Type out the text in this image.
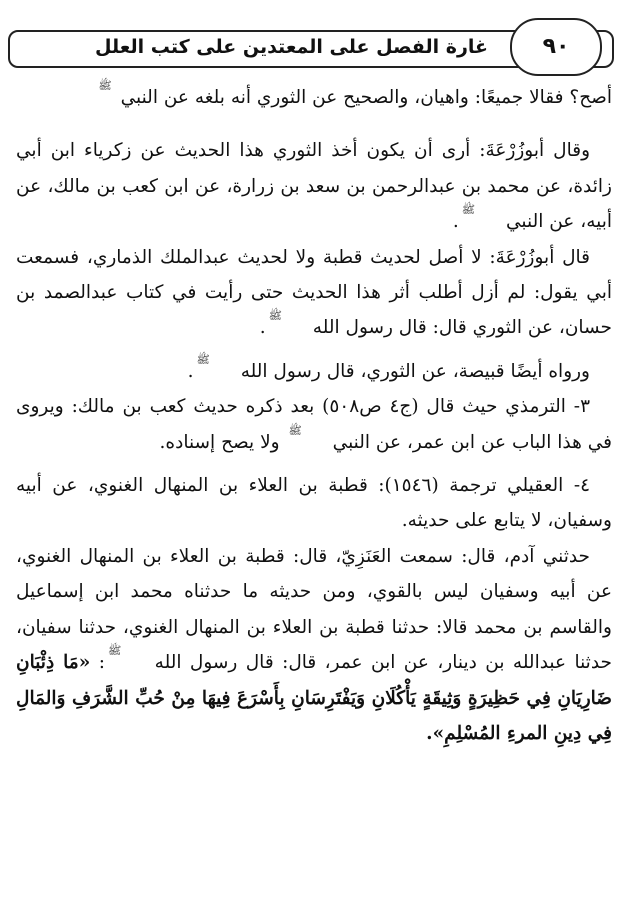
غارة الفصل على المعتدين على كتب العلل	٩٠

أصح؟ فقالا جميعًا: واهيان، والصحيح عن الثوري أنه بلغه عن النبي ﷺ

وقال أبوزُرْعَةَ: أرى أن يكون أخذ الثوري هذا الحديث عن زكرياء ابن أبي زائدة، عن محمد بن عبدالرحمن بن سعد بن زرارة، عن ابن كعب بن مالك، عن أبيه، عن النبي ﷺ.

قال أبوزُرْعَةَ: لا أصل لحديث قطبة ولا لحديث عبدالملك الذماري، فسمعت أبي يقول: لم أزل أطلب أثر هذا الحديث حتى رأيت في كتاب عبدالصمد بن حسان، عن الثوري قال: قال رسول الله ﷺ.

ورواه أيضًا قبيصة، عن الثوري، قال رسول الله ﷺ.

٣- الترمذي حيث قال (ج٤ ص٥٠٨) بعد ذكره حديث كعب بن مالك: ويروى في هذا الباب عن ابن عمر، عن النبي ﷺ ولا يصح إسناده.

٤- العقيلي ترجمة (١٥٤٦): قطبة بن العلاء بن المنهال الغنوي، عن أبيه وسفيان، لا يتابع على حديثه.

حدثني آدم، قال: سمعت العَنَزِيّ، قال: قطبة بن العلاء بن المنهال الغنوي، عن أبيه وسفيان ليس بالقوي، ومن حديثه ما حدثناه محمد ابن إسماعيل والقاسم بن محمد قالا: حدثنا قطبة بن العلاء بن المنهال الغنوي، حدثنا سفيان، حدثنا عبدالله بن دينار، عن ابن عمر، قال: قال رسول الله ﷺ: «مَا ذِئْبَانِ ضَارِيَانِ فِي حَظِيرَةٍ وَثِيقَةٍ يَأْكُلَانِ وَيَفْتَرِسَانِ بِأَسْرَعَ فِيهَا مِنْ حُبِّ الشَّرَفِ وَالمَالِ فِي دِينِ المرءِ المُسْلِمِ».
